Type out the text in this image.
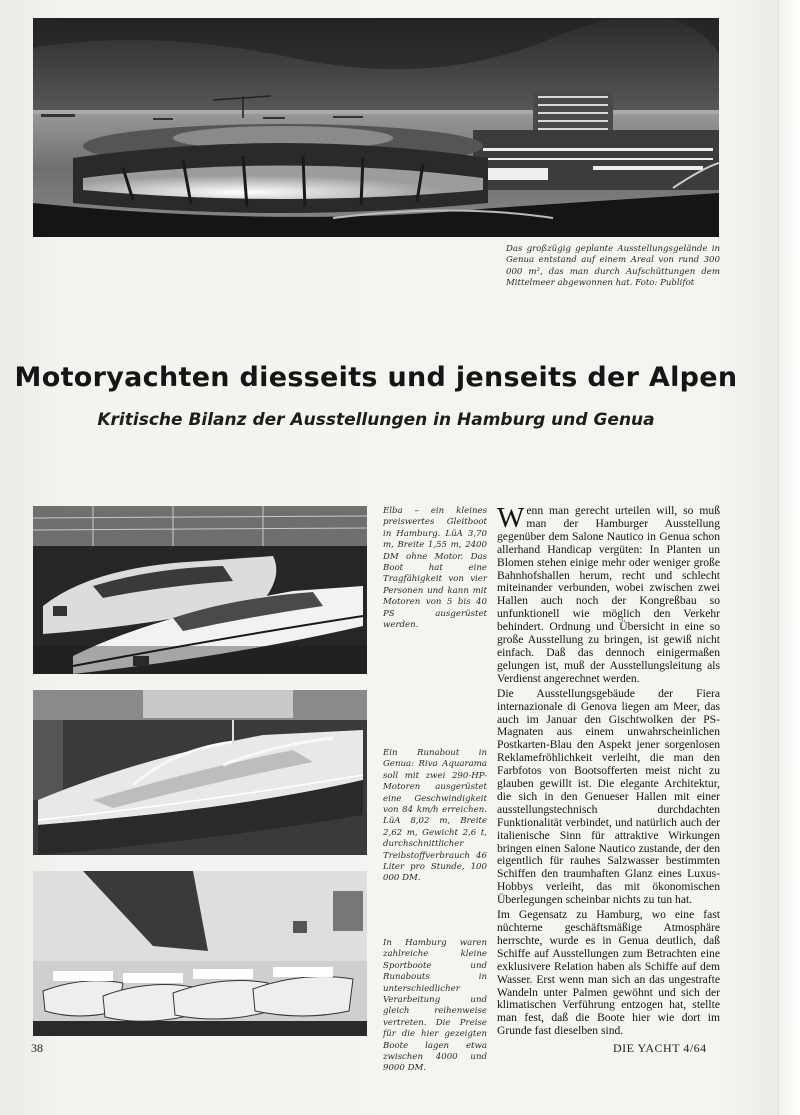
Das großzügig geplante Ausstellungsgelände in Genua entstand auf einem Areal von rund 300 000 m², das man durch Aufschüttungen dem Mittelmeer abgewonnen hat. Foto: Publifot
Motoryachten diesseits und jenseits der Alpen
Kritische Bilanz der Ausstellungen in Hamburg und Genua
Elba – ein kleines preiswertes Gleitboot in Hamburg. LüA 3,70 m, Breite 1,55 m, 2400 DM ohne Motor. Das Boot hat eine Tragfähigkeit von vier Personen und kann mit Motoren von 5 bis 40 PS ausgerüstet werden.
Ein Runabout in Genua: Riva Aquarama soll mit zwei 290-HP-Motoren ausgerüstet eine Geschwindigkeit von 84 km/h erreichen. LüA 8,02 m, Breite 2,62 m, Gewicht 2,6 t, durchschnittlicher Treibstoffverbrauch 46 Liter pro Stunde, 100 000 DM.
In Hamburg waren zahlreiche kleine Sportboote und Runabouts in unterschiedlicher Verarbeitung und gleich reihenweise vertreten. Die Preise für die hier gezeigten Boote lagen etwa zwischen 4000 und 9000 DM.

Wenn man gerecht urteilen will, so muß man der Hamburger Ausstellung gegenüber dem Salone Nautico in Genua schon allerhand Handicap vergüten: In Planten un Blomen stehen einige mehr oder weniger große Bahnhofshallen herum, recht und schlecht miteinander verbunden, wobei zwischen zwei Hallen auch noch der Kongreßbau so unfunktionell wie möglich den Verkehr behindert. Ordnung und Übersicht in eine so große Ausstellung zu bringen, ist gewiß nicht einfach. Daß das dennoch einigermaßen gelungen ist, muß der Ausstellungsleitung als Verdienst angerechnet werden.

Die Ausstellungsgebäude der Fiera internazionale di Genova liegen am Meer, das auch im Januar den Gischtwolken der PS-Magnaten aus einem unwahrscheinlichen Postkarten-Blau den Aspekt jener sorgenlosen Reklamefröhlichkeit verleiht, die man den Farbfotos von Bootsofferten meist nicht zu glauben gewillt ist. Die elegante Architektur, die sich in den Genueser Hallen mit einer ausstellungstechnisch durchdachten Funktionalität verbindet, und natürlich auch der italienische Sinn für attraktive Wirkungen bringen einen Salone Nautico zustande, der den eigentlich für rauhes Salzwasser bestimmten Schiffen den traumhaften Glanz eines Luxus-Hobbys verleiht, das mit ökonomischen Überlegungen scheinbar nichts zu tun hat.

Im Gegensatz zu Hamburg, wo eine fast nüchterne geschäftsmäßige Atmosphäre herrschte, wurde es in Genua deutlich, daß Schiffe auf Ausstellungen zum Betrachten eine exklusivere Relation haben als Schiffe auf dem Wasser. Erst wenn man sich an das ungestrafte Wandeln unter Palmen gewöhnt und sich der klimatischen Verführung entzogen hat, stellte man fest, daß die Boote hier wie dort im Grunde fast dieselben sind.

38	DIE YACHT 4/64
